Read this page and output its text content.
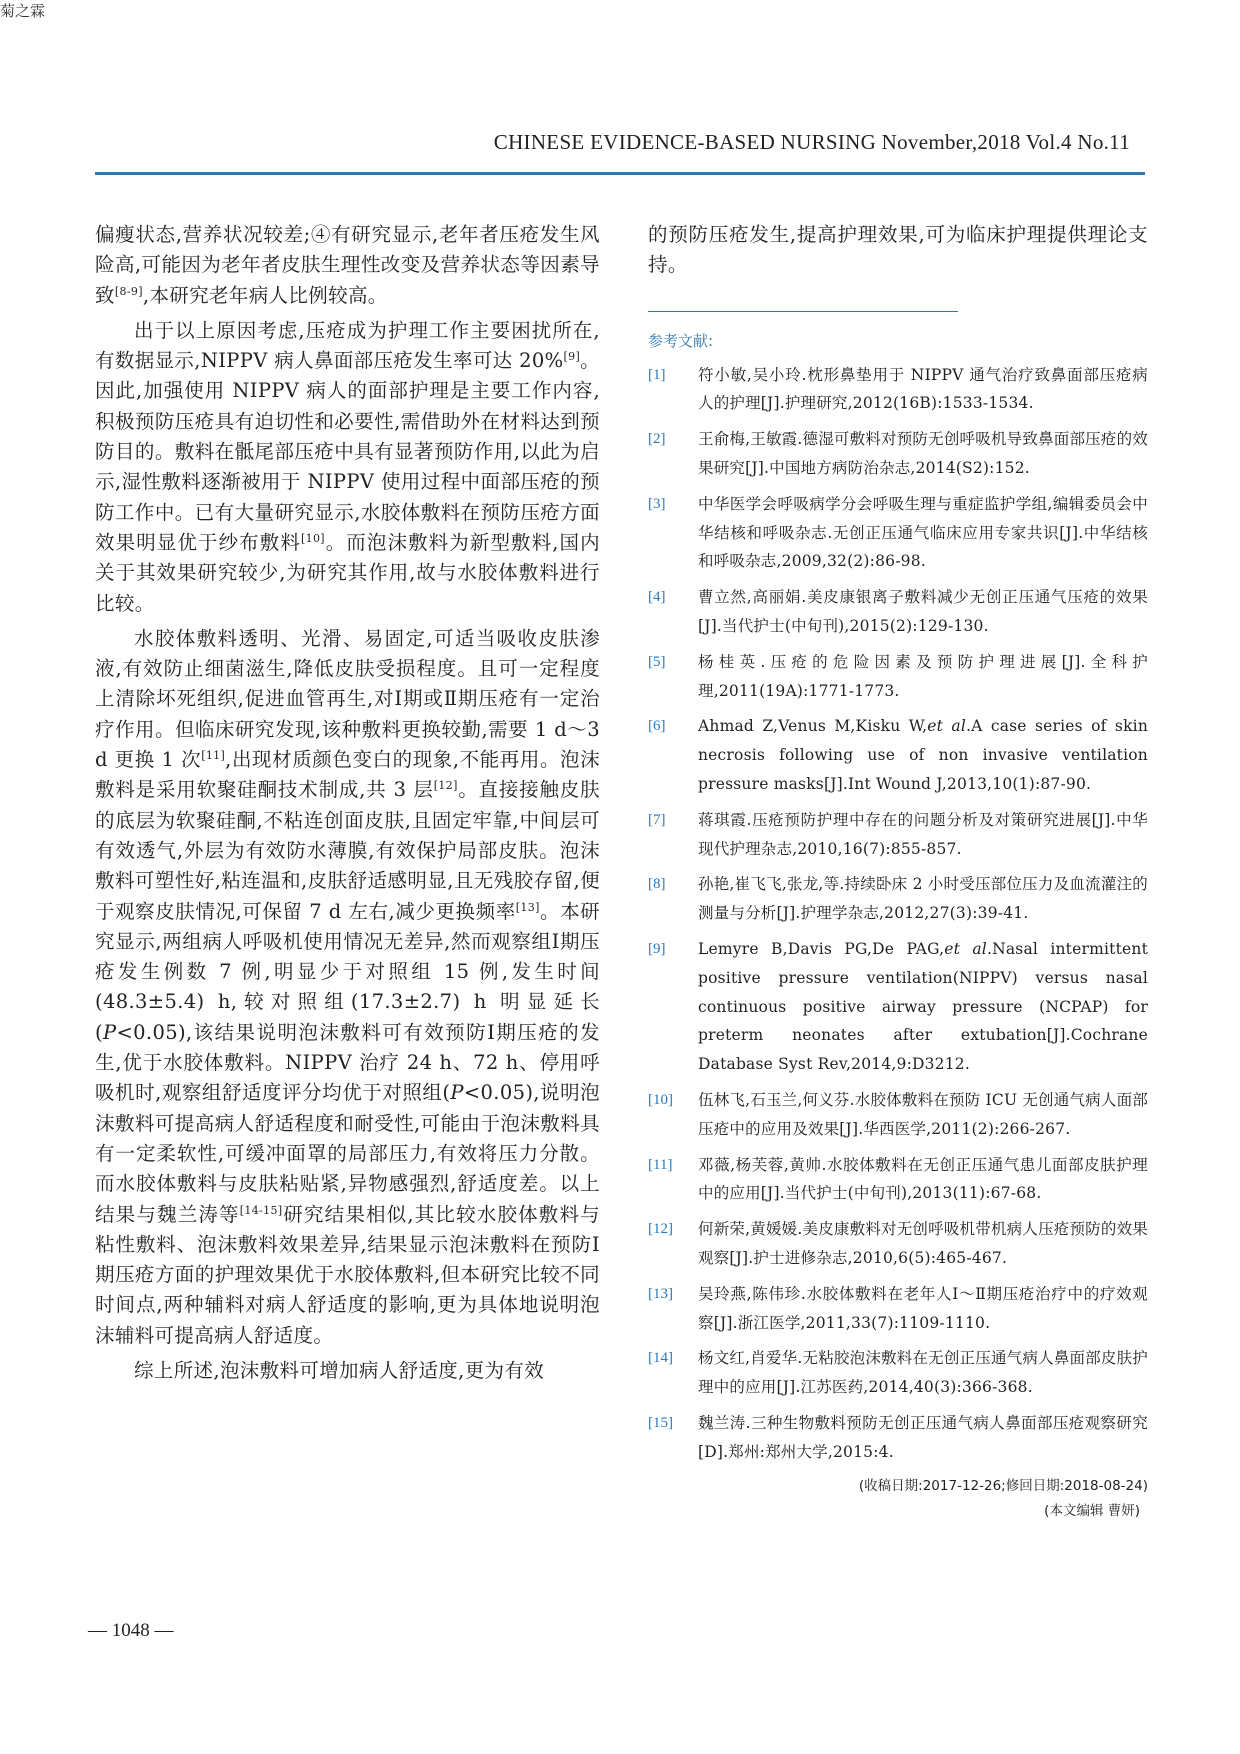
菊之霖
CHINESE EVIDENCE-BASED NURSING November,2018 Vol.4 No.11

偏瘦状态,营养状况较差;④有研究显示,老年者压疮发生风险高,可能因为老年者皮肤生理性改变及营养状态等因素导致[8-9],本研究老年病人比例较高。

出于以上原因考虑,压疮成为护理工作主要困扰所在,有数据显示,NIPPV 病人鼻面部压疮发生率可达 20%[9]。因此,加强使用 NIPPV 病人的面部护理是主要工作内容,积极预防压疮具有迫切性和必要性,需借助外在材料达到预防目的。敷料在骶尾部压疮中具有显著预防作用,以此为启示,湿性敷料逐渐被用于 NIPPV 使用过程中面部压疮的预防工作中。已有大量研究显示,水胶体敷料在预防压疮方面效果明显优于纱布敷料[10]。而泡沫敷料为新型敷料,国内关于其效果研究较少,为研究其作用,故与水胶体敷料进行比较。

水胶体敷料透明、光滑、易固定,可适当吸收皮肤渗液,有效防止细菌滋生,降低皮肤受损程度。且可一定程度上清除坏死组织,促进血管再生,对Ⅰ期或Ⅱ期压疮有一定治疗作用。但临床研究发现,该种敷料更换较勤,需要 1 d～3 d 更换 1 次[11],出现材质颜色变白的现象,不能再用。泡沫敷料是采用软聚硅酮技术制成,共 3 层[12]。直接接触皮肤的底层为软聚硅酮,不粘连创面皮肤,且固定牢靠,中间层可有效透气,外层为有效防水薄膜,有效保护局部皮肤。泡沫敷料可塑性好,粘连温和,皮肤舒适感明显,且无残胶存留,便于观察皮肤情况,可保留 7 d 左右,减少更换频率[13]。本研究显示,两组病人呼吸机使用情况无差异,然而观察组Ⅰ期压疮发生例数 7 例,明显少于对照组 15 例,发生时间(48.3±5.4) h,较对照组(17.3±2.7) h 明显延长(P<0.05),该结果说明泡沫敷料可有效预防Ⅰ期压疮的发生,优于水胶体敷料。NIPPV 治疗 24 h、72 h、停用呼吸机时,观察组舒适度评分均优于对照组(P<0.05),说明泡沫敷料可提高病人舒适程度和耐受性,可能由于泡沫敷料具有一定柔软性,可缓冲面罩的局部压力,有效将压力分散。而水胶体敷料与皮肤粘贴紧,异物感强烈,舒适度差。以上结果与魏兰涛等[14-15]研究结果相似,其比较水胶体敷料与粘性敷料、泡沫敷料效果差异,结果显示泡沫敷料在预防Ⅰ期压疮方面的护理效果优于水胶体敷料,但本研究比较不同时间点,两种辅料对病人舒适度的影响,更为具体地说明泡沫辅料可提高病人舒适度。

综上所述,泡沫敷料可增加病人舒适度,更为有效

的预防压疮发生,提高护理效果,可为临床护理提供理论支持。

参考文献:
[1]	符小敏,吴小玲.枕形鼻垫用于 NIPPV 通气治疗致鼻面部压疮病人的护理[J].护理研究,2012(16B):1533-1534.
[2]	王俞梅,王敏霞.德湿可敷料对预防无创呼吸机导致鼻面部压疮的效果研究[J].中国地方病防治杂志,2014(S2):152.
[3]	中华医学会呼吸病学分会呼吸生理与重症监护学组,编辑委员会中华结核和呼吸杂志.无创正压通气临床应用专家共识[J].中华结核和呼吸杂志,2009,32(2):86-98.
[4]	曹立然,高丽娟.美皮康银离子敷料减少无创正压通气压疮的效果[J].当代护士(中旬刊),2015(2):129-130.
[5]	杨桂英.压疮的危险因素及预防护理进展[J].全科护理,2011(19A):1771-1773.
[6]	Ahmad Z,Venus M,Kisku W,et al.A case series of skin necrosis following use of non invasive ventilation pressure masks[J].Int Wound J,2013,10(1):87-90.
[7]	蒋琪霞.压疮预防护理中存在的问题分析及对策研究进展[J].中华现代护理杂志,2010,16(7):855-857.
[8]	孙艳,崔飞飞,张龙,等.持续卧床 2 小时受压部位压力及血流灌注的测量与分析[J].护理学杂志,2012,27(3):39-41.
[9]	Lemyre B,Davis PG,De PAG,et al.Nasal intermittent positive pressure ventilation(NIPPV) versus nasal continuous positive airway pressure (NCPAP) for preterm neonates after extubation[J].Cochrane Database Syst Rev,2014,9:D3212.
[10]	伍林飞,石玉兰,何义芬.水胶体敷料在预防 ICU 无创通气病人面部压疮中的应用及效果[J].华西医学,2011(2):266-267.
[11]	邓薇,杨芙蓉,黄帅.水胶体敷料在无创正压通气患儿面部皮肤护理中的应用[J].当代护士(中旬刊),2013(11):67-68.
[12]	何新荣,黄媛媛.美皮康敷料对无创呼吸机带机病人压疮预防的效果观察[J].护士进修杂志,2010,6(5):465-467.
[13]	吴玲燕,陈伟珍.水胶体敷料在老年人Ⅰ～Ⅱ期压疮治疗中的疗效观察[J].浙江医学,2011,33(7):1109-1110.
[14]	杨文红,肖爱华.无粘胶泡沫敷料在无创正压通气病人鼻面部皮肤护理中的应用[J].江苏医药,2014,40(3):366-368.
[15]	魏兰涛.三种生物敷料预防无创正压通气病人鼻面部压疮观察研究[D].郑州:郑州大学,2015:4.
(收稿日期:2017-12-26;修回日期:2018-08-24)
(本文编辑 曹妍)
— 1048 —
